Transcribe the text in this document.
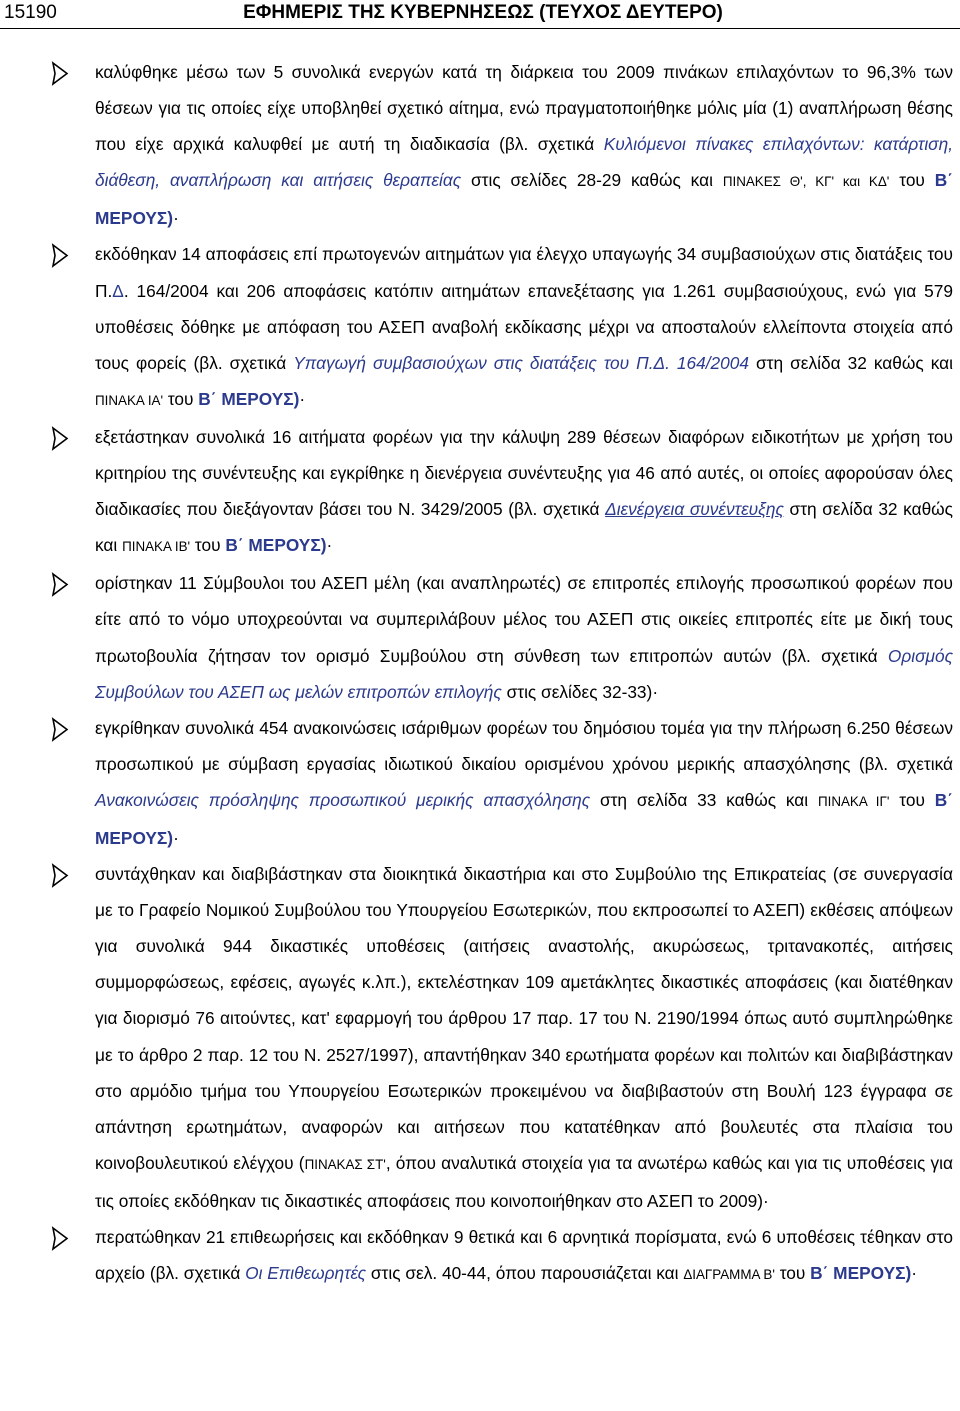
15190	ΕΦΗΜΕΡΙΣ ΤΗΣ ΚΥΒΕΡΝΗΣΕΩΣ (ΤΕΥΧΟΣ ΔΕΥΤΕΡΟ)

καλύφθηκε μέσω των 5 συνολικά ενεργών κατά τη διάρκεια του 2009 πινάκων επιλαχόντων το 96,3% των θέσεων για τις οποίες είχε υποβληθεί σχετικό αίτημα, ενώ πραγματοποιήθηκε μόλις μία (1) αναπλήρωση θέσης που είχε αρχικά καλυφθεί με αυτή τη διαδικασία (βλ. σχετικά Κυλιόμενοι πίνακες επιλαχόντων: κατάρτιση, διάθεση, αναπλήρωση και αιτήσεις θεραπείας στις σελίδες 28-29 καθώς και ΠΙΝΑΚΕΣ Θ', ΚΓ' και ΚΔ' του Β΄ ΜΕΡΟΥΣ)·

εκδόθηκαν 14 αποφάσεις επί πρωτογενών αιτημάτων για έλεγχο υπαγωγής 34 συμβασιούχων στις διατάξεις του Π.Δ. 164/2004 και 206 αποφάσεις κατόπιν αιτημάτων επανεξέτασης για 1.261 συμβασιούχους, ενώ για 579 υποθέσεις δόθηκε με απόφαση του ΑΣΕΠ αναβολή εκδίκασης μέχρι να αποσταλούν ελλείποντα στοιχεία από τους φορείς (βλ. σχετικά Υπαγωγή συμβασιούχων στις διατάξεις του Π.Δ. 164/2004 στη σελίδα 32 καθώς και ΠΙΝΑΚΑ ΙΑ' του Β΄ ΜΕΡΟΥΣ)·

εξετάστηκαν συνολικά 16 αιτήματα φορέων για την κάλυψη 289 θέσεων διαφόρων ειδικοτήτων με χρήση του κριτηρίου της συνέντευξης και εγκρίθηκε η διενέργεια συνέντευξης για 46 από αυτές, οι οποίες αφορούσαν όλες διαδικασίες που διεξάγονταν βάσει του Ν. 3429/2005 (βλ. σχετικά Διενέργεια συνέντευξης στη σελίδα 32 καθώς και ΠΙΝΑΚΑ ΙΒ' του Β΄ ΜΕΡΟΥΣ)·

ορίστηκαν 11 Σύμβουλοι του ΑΣΕΠ μέλη (και αναπληρωτές) σε επιτροπές επιλογής προσωπικού φορέων που είτε από το νόμο υποχρεούνται να συμπεριλάβουν μέλος του ΑΣΕΠ στις οικείες επιτροπές είτε με δική τους πρωτοβουλία ζήτησαν τον ορισμό Συμβούλου στη σύνθεση των επιτροπών αυτών (βλ. σχετικά Ορισμός Συμβούλων του ΑΣΕΠ ως μελών επιτροπών επιλογής στις σελίδες 32-33)·

εγκρίθηκαν συνολικά 454 ανακοινώσεις ισάριθμων φορέων του δημόσιου τομέα για την πλήρωση 6.250 θέσεων προσωπικού με σύμβαση εργασίας ιδιωτικού δικαίου ορισμένου χρόνου μερικής απασχόλησης (βλ. σχετικά Ανακοινώσεις πρόσληψης προσωπικού μερικής απασχόλησης στη σελίδα 33 καθώς και ΠΙΝΑΚΑ ΙΓ' του Β΄ ΜΕΡΟΥΣ)·

συντάχθηκαν και διαβιβάστηκαν στα διοικητικά δικαστήρια και στο Συμβούλιο της Επικρατείας (σε συνεργασία με το Γραφείο Νομικού Συμβούλου του Υπουργείου Εσωτερικών, που εκπροσωπεί το ΑΣΕΠ) εκθέσεις απόψεων για συνολικά 944 δικαστικές υποθέσεις (αιτήσεις αναστολής, ακυρώσεως, τριτανακοπές, αιτήσεις συμμορφώσεως, εφέσεις, αγωγές κ.λπ.), εκτελέστηκαν 109 αμετάκλητες δικαστικές αποφάσεις (και διατέθηκαν για διορισμό 76 αιτούντες, κατ' εφαρμογή του άρθρου 17 παρ. 17 του Ν. 2190/1994 όπως αυτό συμπληρώθηκε με το άρθρο 2 παρ. 12 του Ν. 2527/1997), απαντήθηκαν 340 ερωτήματα φορέων και πολιτών και διαβιβάστηκαν στο αρμόδιο τμήμα του Υπουργείου Εσωτερικών προκειμένου να διαβιβαστούν στη Βουλή 123 έγγραφα σε απάντηση ερωτημάτων, αναφορών και αιτήσεων που κατατέθηκαν από βουλευτές στα πλαίσια του κοινοβουλευτικού ελέγχου (ΠΙΝΑΚΑΣ ΣΤ', όπου αναλυτικά στοιχεία για τα ανωτέρω καθώς και για τις υποθέσεις για τις οποίες εκδόθηκαν τις δικαστικές αποφάσεις που κοινοποιήθηκαν στο ΑΣΕΠ το 2009)·

περατώθηκαν 21 επιθεωρήσεις και εκδόθηκαν 9 θετικά και 6 αρνητικά πορίσματα, ενώ 6 υποθέσεις τέθηκαν στο αρχείο (βλ. σχετικά Οι Επιθεωρητές στις σελ. 40-44, όπου παρουσιάζεται και ΔΙΑΓΡΑΜΜΑ Β' του Β΄ ΜΕΡΟΥΣ)·
